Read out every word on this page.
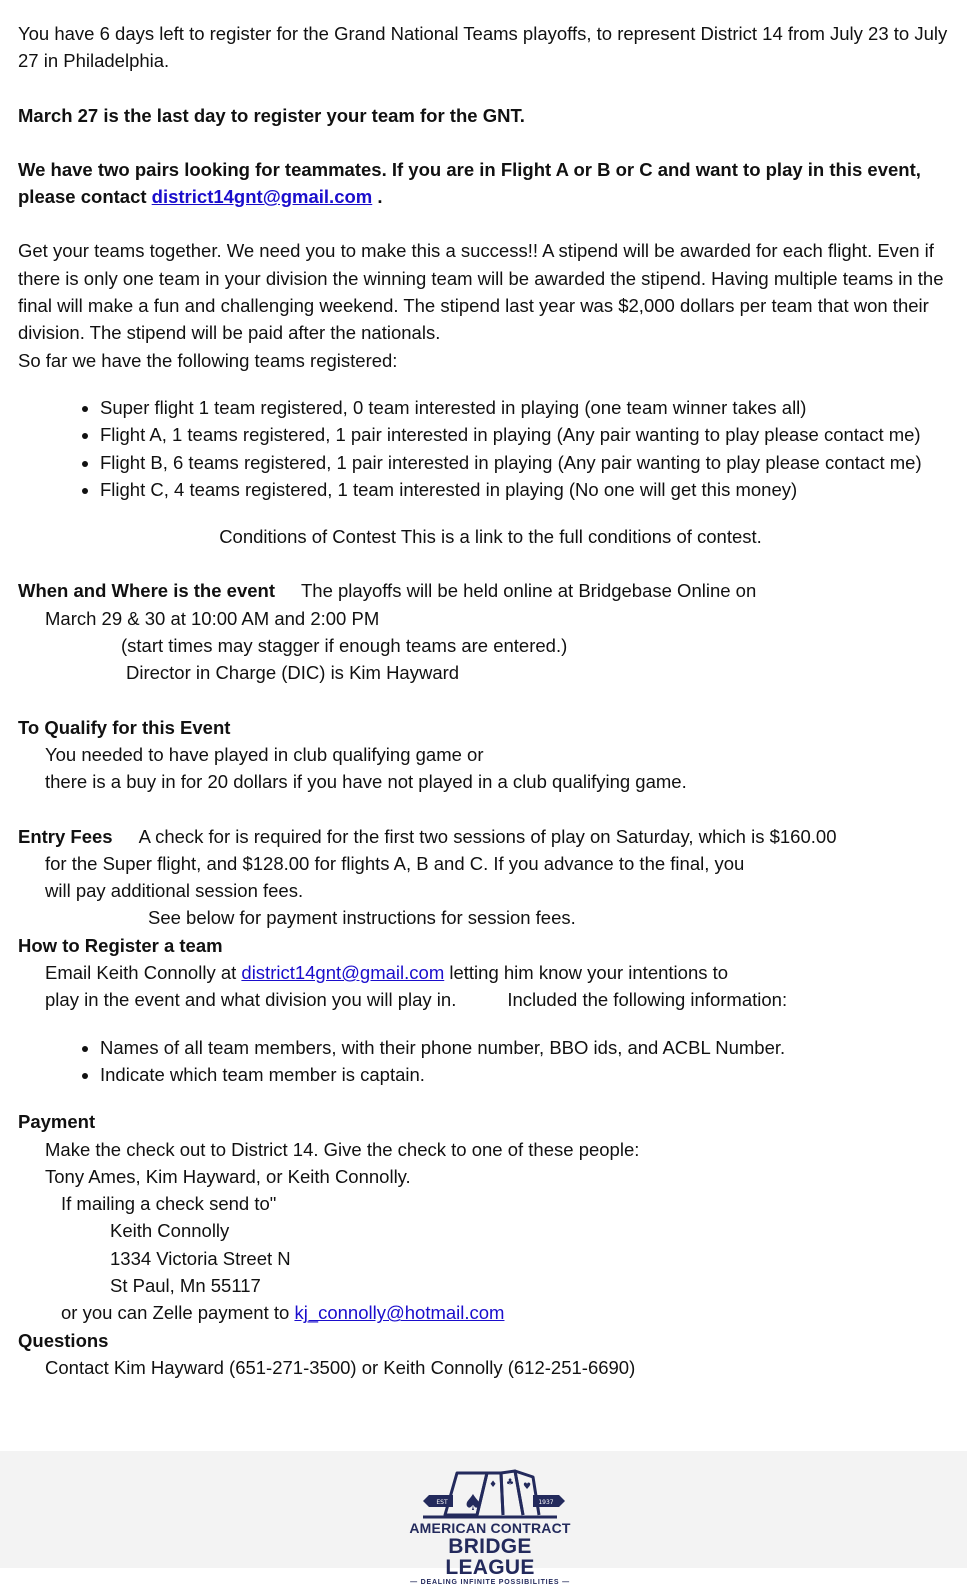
You have 6 days left to register for the Grand National Teams playoffs, to represent District 14 from July 23 to July 27 in Philadelphia.

March 27 is the last day to register your team for the GNT.

We have two pairs looking for teammates. If you are in Flight A or B or C and want to play in this event, please contact district14gnt@gmail.com .

Get your teams together. We need you to make this a success!! A stipend will be awarded for each flight. Even if there is only one team in your division the winning team will be awarded the stipend. Having multiple teams in the final will make a fun and challenging weekend. The stipend last year was $2,000 dollars per team that won their division. The stipend will be paid after the nationals.

So far we have the following teams registered:

• Super flight 1 team registered, 0 team interested in playing (one team winner takes all)
• Flight A, 1 teams registered, 1 pair interested in playing (Any pair wanting to play please contact me)
• Flight B, 6 teams registered, 1 pair interested in playing (Any pair wanting to play please contact me)
• Flight C, 4 teams registered, 1 team interested in playing (No one will get this money)

Conditions of Contest This is a link to the full conditions of contest.

When and Where is the event The playoffs will be held online at Bridgebase Online on

March 29 & 30 at 10:00 AM and 2:00 PM

(start times may stagger if enough teams are entered.)

Director in Charge (DIC) is Kim Hayward

To Qualify for this Event

You needed to have played in club qualifying game or

there is a buy in for 20 dollars if you have not played in a club qualifying game.

Entry Fees A check for is required for the first two sessions of play on Saturday, which is $160.00

for the Super flight, and $128.00 for flights A, B and C. If you advance to the final, you

will pay additional session fees.

See below for payment instructions for session fees.

How to Register a team

Email Keith Connolly at district14gnt@gmail.com letting him know your intentions to

play in the event and what division you will play in.	Included the following information:

• Names of all team members, with their phone number, BBO ids, and ACBL Number.
• Indicate which team member is captain.

Payment

Make the check out to District 14. Give the check to one of these people:

Tony Ames, Kim Hayward, or Keith Connolly.

If mailing a check send to"

Keith Connolly

1334 Victoria Street N

St Paul, Mn 55117

or you can Zelle payment to kj_connolly@hotmail.com

Questions

Contact Kim Hayward (651-271-3500) or Keith Connolly (612-251-6690)

♠
♦ ♣ ♥
EST	1937
AMERICAN CONTRACT
BRIDGE LEAGUE
— DEALING INFINITE POSSIBILITIES —
